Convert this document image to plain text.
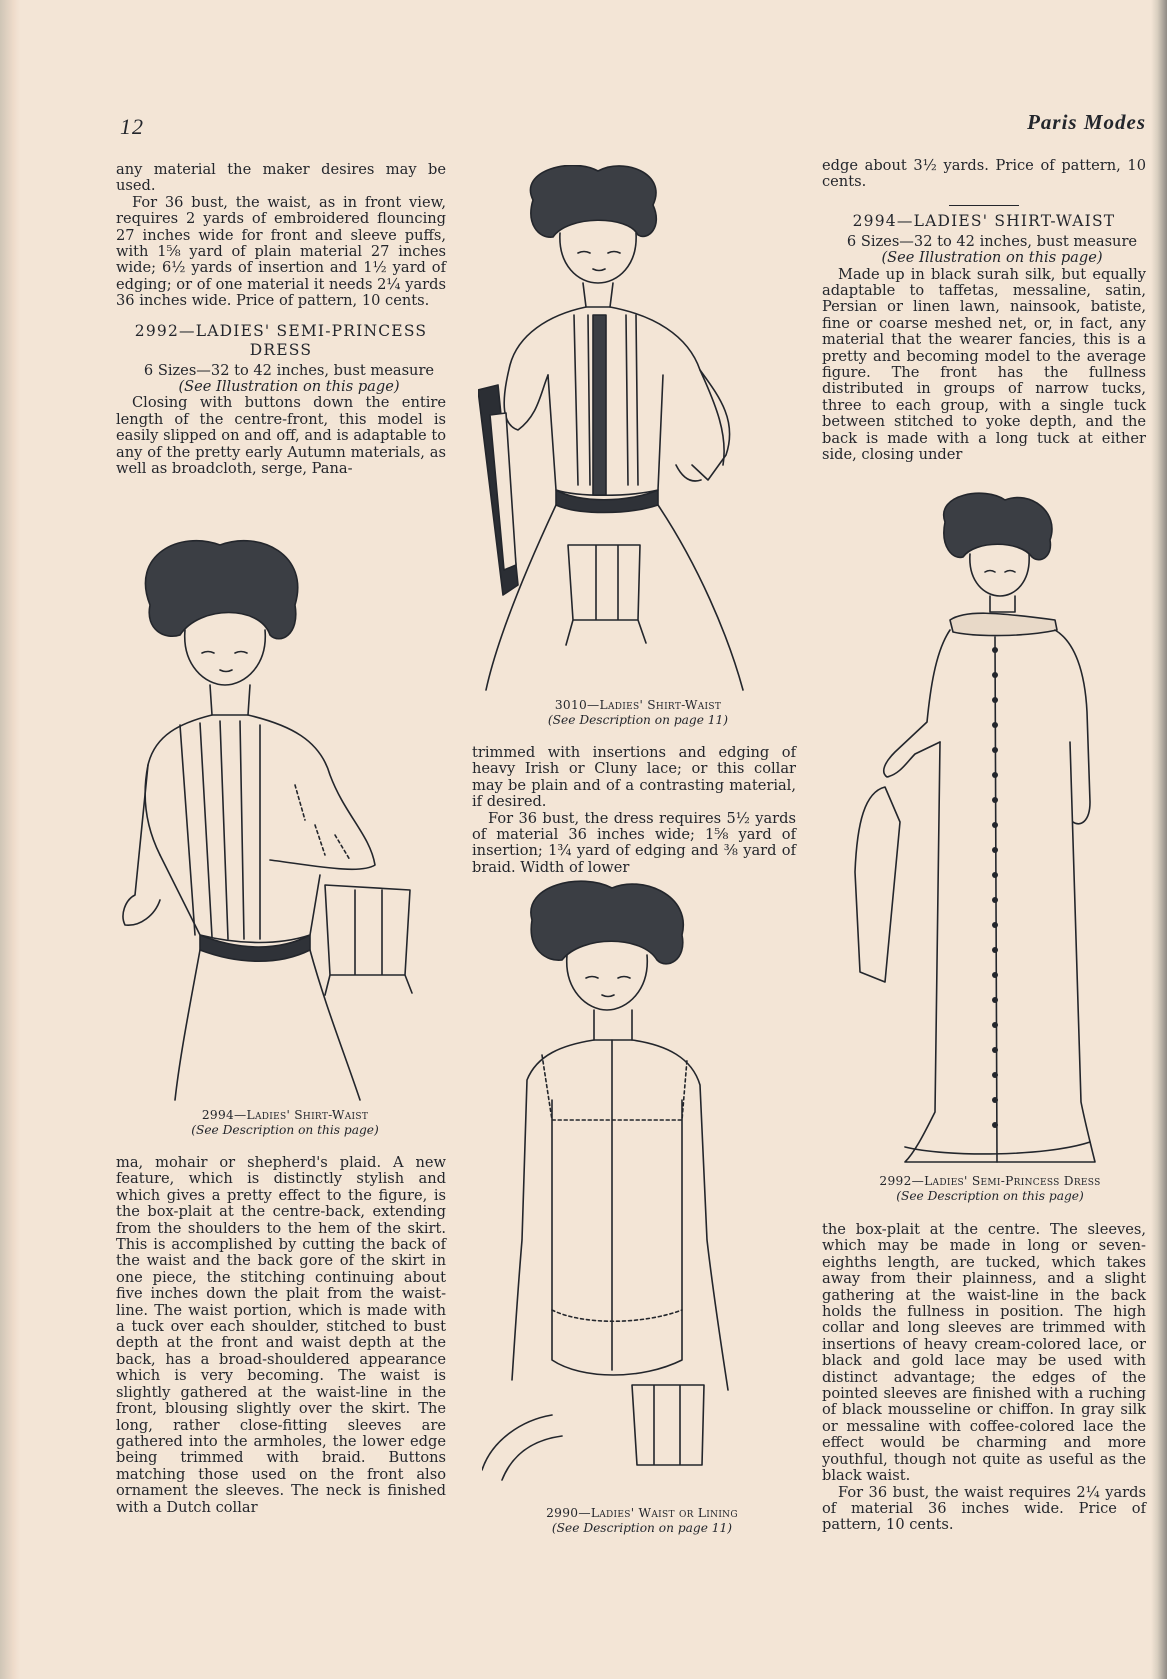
12	Paris Modes

any material the maker desires may be used.

For 36 bust, the waist, as in front view, requires 2 yards of embroidered flouncing 27 inches wide for front and sleeve puffs, with 1⅝ yard of plain material 27 inches wide; 6½ yards of insertion and 1½ yard of edging; or of one material it needs 2¼ yards 36 inches wide. Price of pattern, 10 cents.

2992—LADIES' SEMI-PRINCESS DRESS

6 Sizes—32 to 42 inches, bust measure

(See Illustration on this page)

Closing with buttons down the entire length of the centre-front, this model is easily slipped on and off, and is adaptable to any of the pretty early Autumn materials, as well as broadcloth, serge, Pana-

ma, mohair or shepherd's plaid. A new feature, which is distinctly stylish and which gives a pretty effect to the figure, is the box-plait at the centre-back, extending from the shoulders to the hem of the skirt. This is accomplished by cutting the back of the waist and the back gore of the skirt in one piece, the stitching continuing about five inches down the plait from the waist-line. The waist portion, which is made with a tuck over each shoulder, stitched to bust depth at the front and waist depth at the back, has a broad-shouldered appearance which is very becoming. The waist is slightly gathered at the waist-line in the front, blousing slightly over the skirt. The long, rather close-fitting sleeves are gathered into the armholes, the lower edge being trimmed with braid. Buttons matching those used on the front also ornament the sleeves. The neck is finished with a Dutch collar

trimmed with insertions and edging of heavy Irish or Cluny lace; or this collar may be plain and of a contrasting material, if desired.

For 36 bust, the dress requires 5½ yards of material 36 inches wide; 1⅝ yard of insertion; 1¾ yard of edging and ⅜ yard of braid. Width of lower

edge about 3½ yards. Price of pattern, 10 cents.

2994—LADIES' SHIRT-WAIST

6 Sizes—32 to 42 inches, bust measure

(See Illustration on this page)

Made up in black surah silk, but equally adaptable to taffetas, messaline, satin, Persian or linen lawn, nainsook, batiste, fine or coarse meshed net, or, in fact, any material that the wearer fancies, this is a pretty and becoming model to the average figure. The front has the fullness distributed in groups of narrow tucks, three to each group, with a single tuck between stitched to yoke depth, and the back is made with a long tuck at either side, closing under

the box-plait at the centre. The sleeves, which may be made in long or seven-eighths length, are tucked, which takes away from their plainness, and a slight gathering at the waist-line in the back holds the fullness in position. The high collar and long sleeves are trimmed with insertions of heavy cream-colored lace, or black and gold lace may be used with distinct advantage; the edges of the pointed sleeves are finished with a ruching of black mousseline or chiffon. In gray silk or messaline with coffee-colored lace the effect would be charming and more youthful, though not quite as useful as the black waist.

For 36 bust, the waist requires 2¼ yards of material 36 inches wide. Price of pattern, 10 cents.

3010—Ladies' Shirt-Waist
(See Description on page 11)
2994—Ladies' Shirt-Waist
(See Description on this page)
2990—Ladies' Waist or Lining
(See Description on page 11)
2992—Ladies' Semi-Princess Dress
(See Description on this page)
